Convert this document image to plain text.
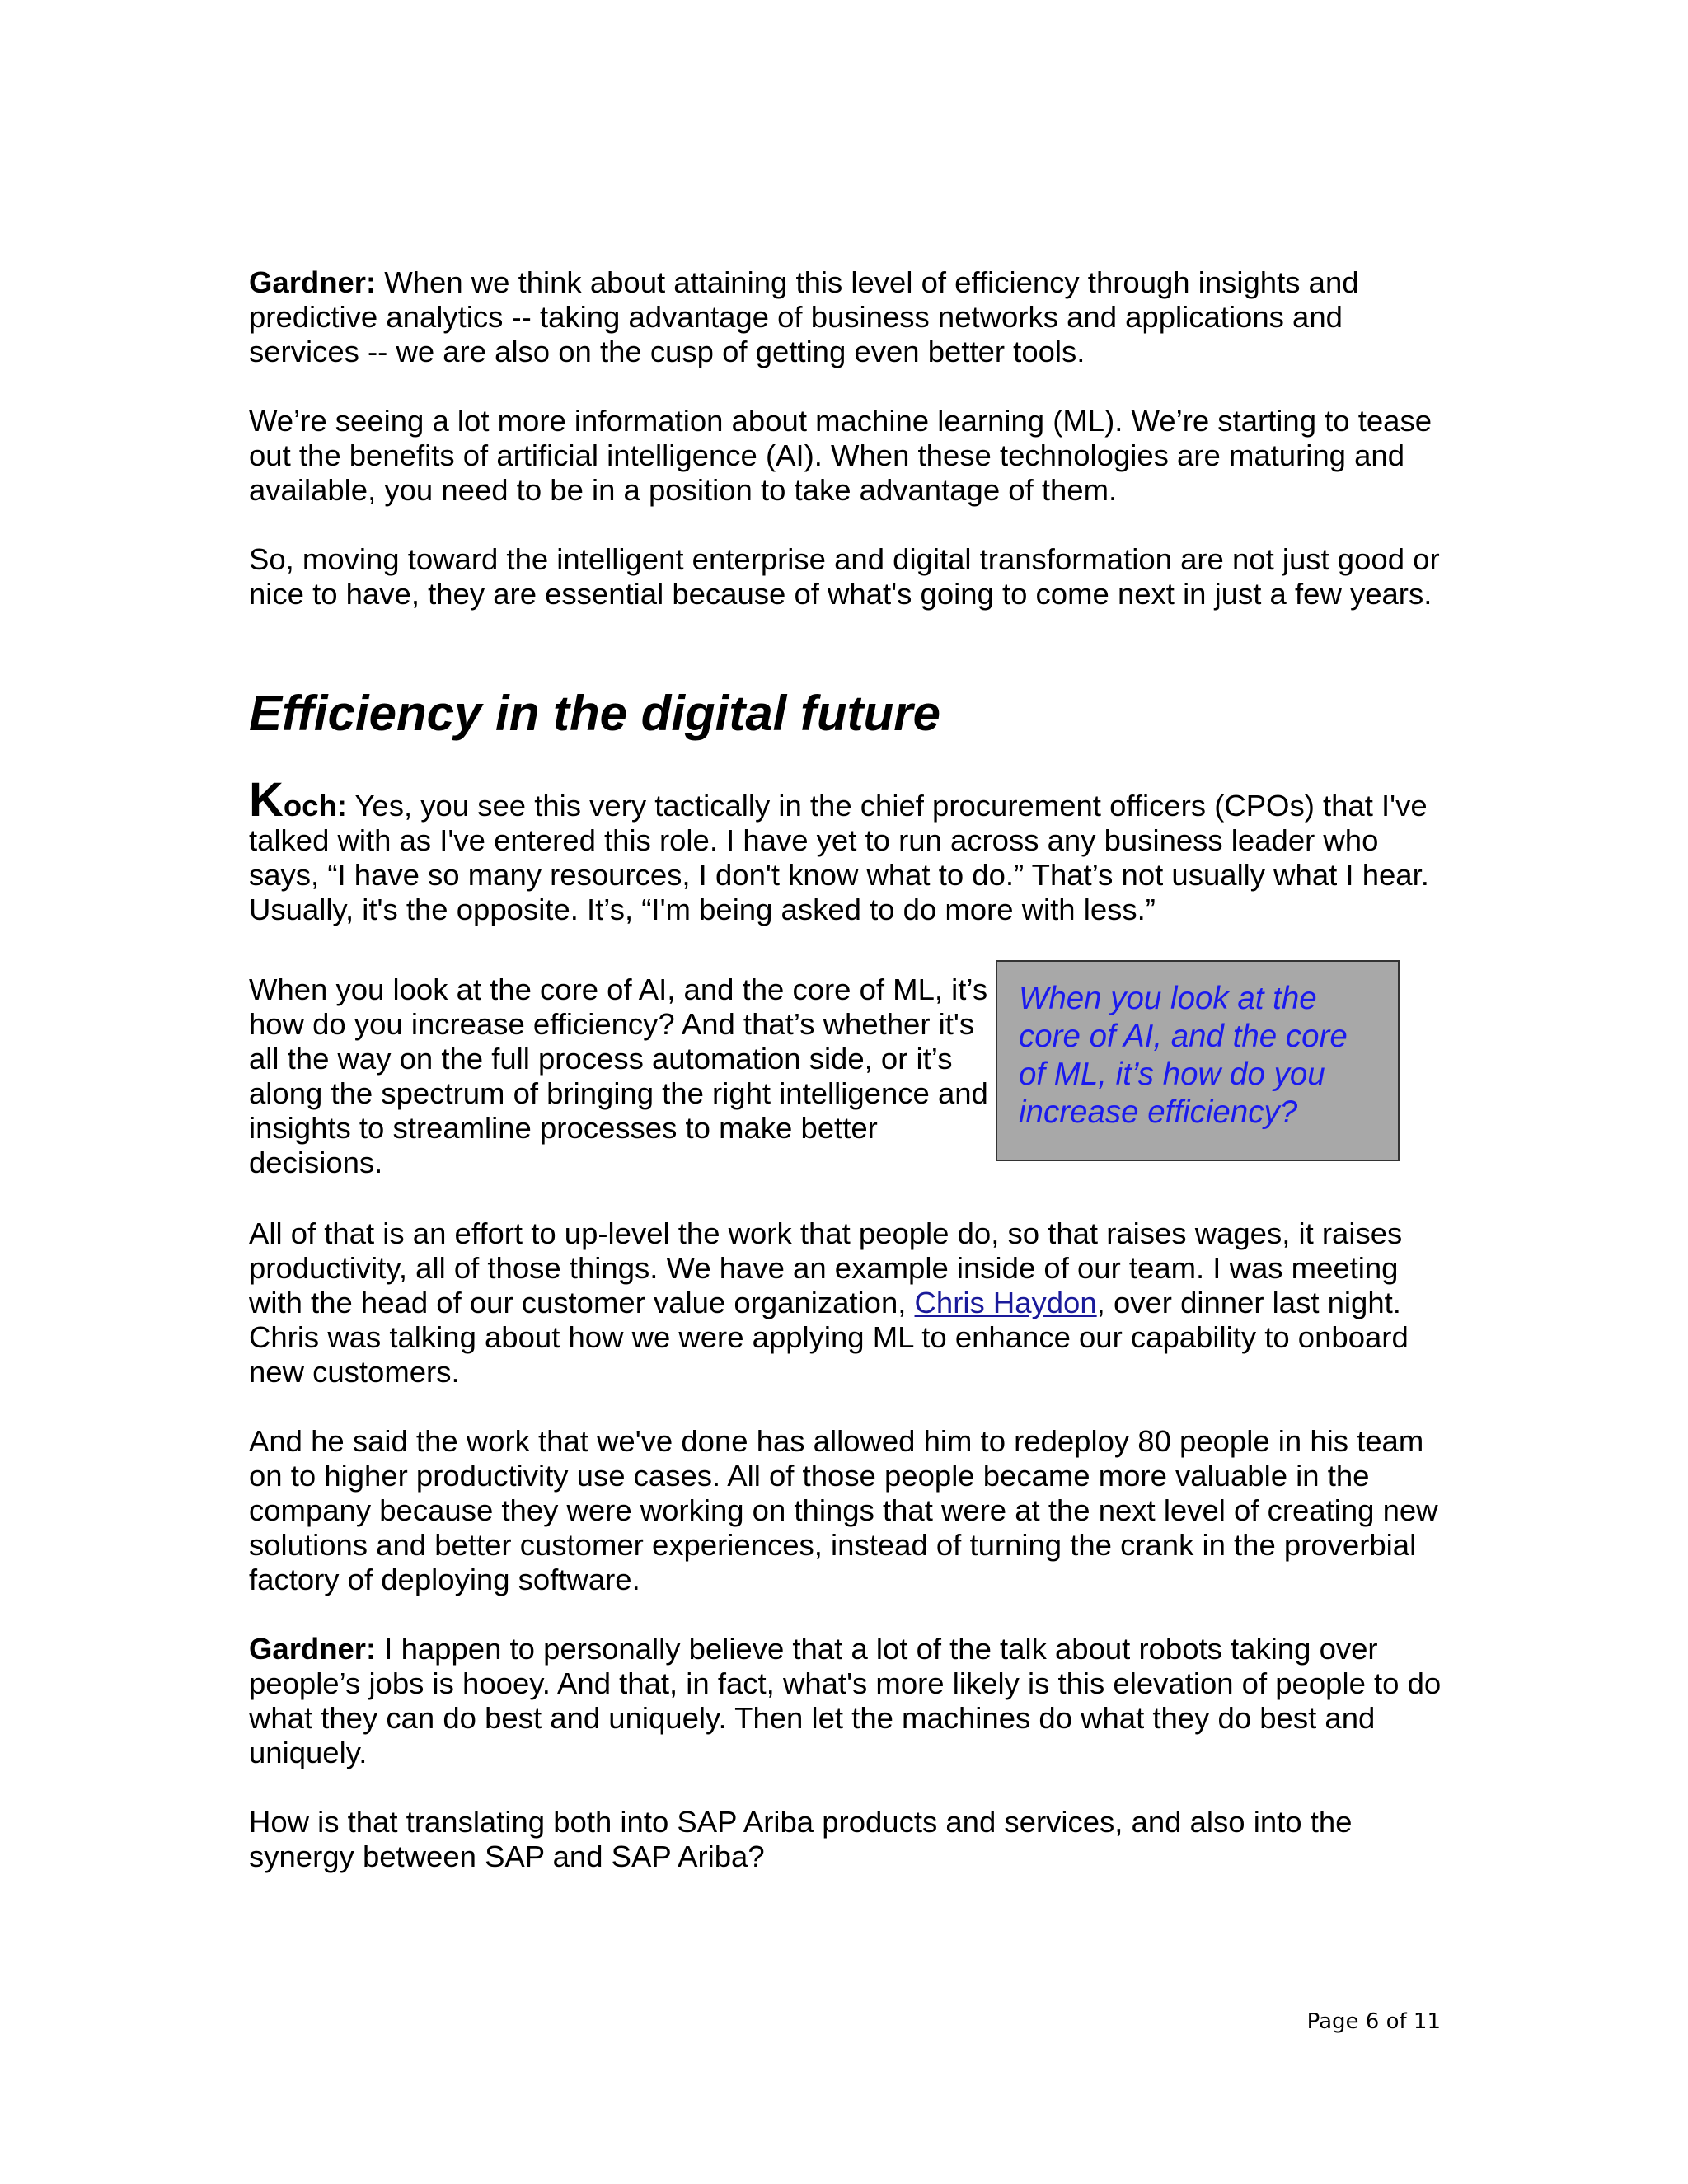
Gardner: When we think about attaining this level of efficiency through insights and predictive analytics -- taking advantage of business networks and applications and services -- we are also on the cusp of getting even better tools.

We’re seeing a lot more information about machine learning (ML). We’re starting to tease out the benefits of artificial intelligence (AI). When these technologies are maturing and available, you need to be in a position to take advantage of them.

So, moving toward the intelligent enterprise and digital transformation are not just good or nice to have, they are essential because of what's going to come next in just a few years.

Efficiency in the digital future
Koch: Yes, you see this very tactically in the chief procurement officers (CPOs) that I've talked with as I've entered this role. I have yet to run across any business leader who says, “I have so many resources, I don't know what to do.” That’s not usually what I hear. Usually, it's the opposite. It’s, “I'm being asked to do more with less.”
When you look at the core of AI, and the core of ML, it’s how do you increase efficiency? And that’s whether it's all the way on the full process automation side, or it’s along the spectrum of bringing the right intelligence and insights to streamline processes to make better decisions.
When you look at the core of AI, and the core of ML, it’s how do you increase efficiency?

All of that is an effort to up-level the work that people do, so that raises wages, it raises productivity, all of those things. We have an example inside of our team. I was meeting with the head of our customer value organization, Chris Haydon, over dinner last night. Chris was talking about how we were applying ML to enhance our capability to onboard new customers.

And he said the work that we've done has allowed him to redeploy 80 people in his team on to higher productivity use cases. All of those people became more valuable in the company because they were working on things that were at the next level of creating new solutions and better customer experiences, instead of turning the crank in the proverbial factory of deploying software.

Gardner: I happen to personally believe that a lot of the talk about robots taking over people’s jobs is hooey. And that, in fact, what's more likely is this elevation of people to do what they can do best and uniquely. Then let the machines do what they do best and uniquely.

How is that translating both into SAP Ariba products and services, and also into the synergy between SAP and SAP Ariba?

Page 6 of 11
